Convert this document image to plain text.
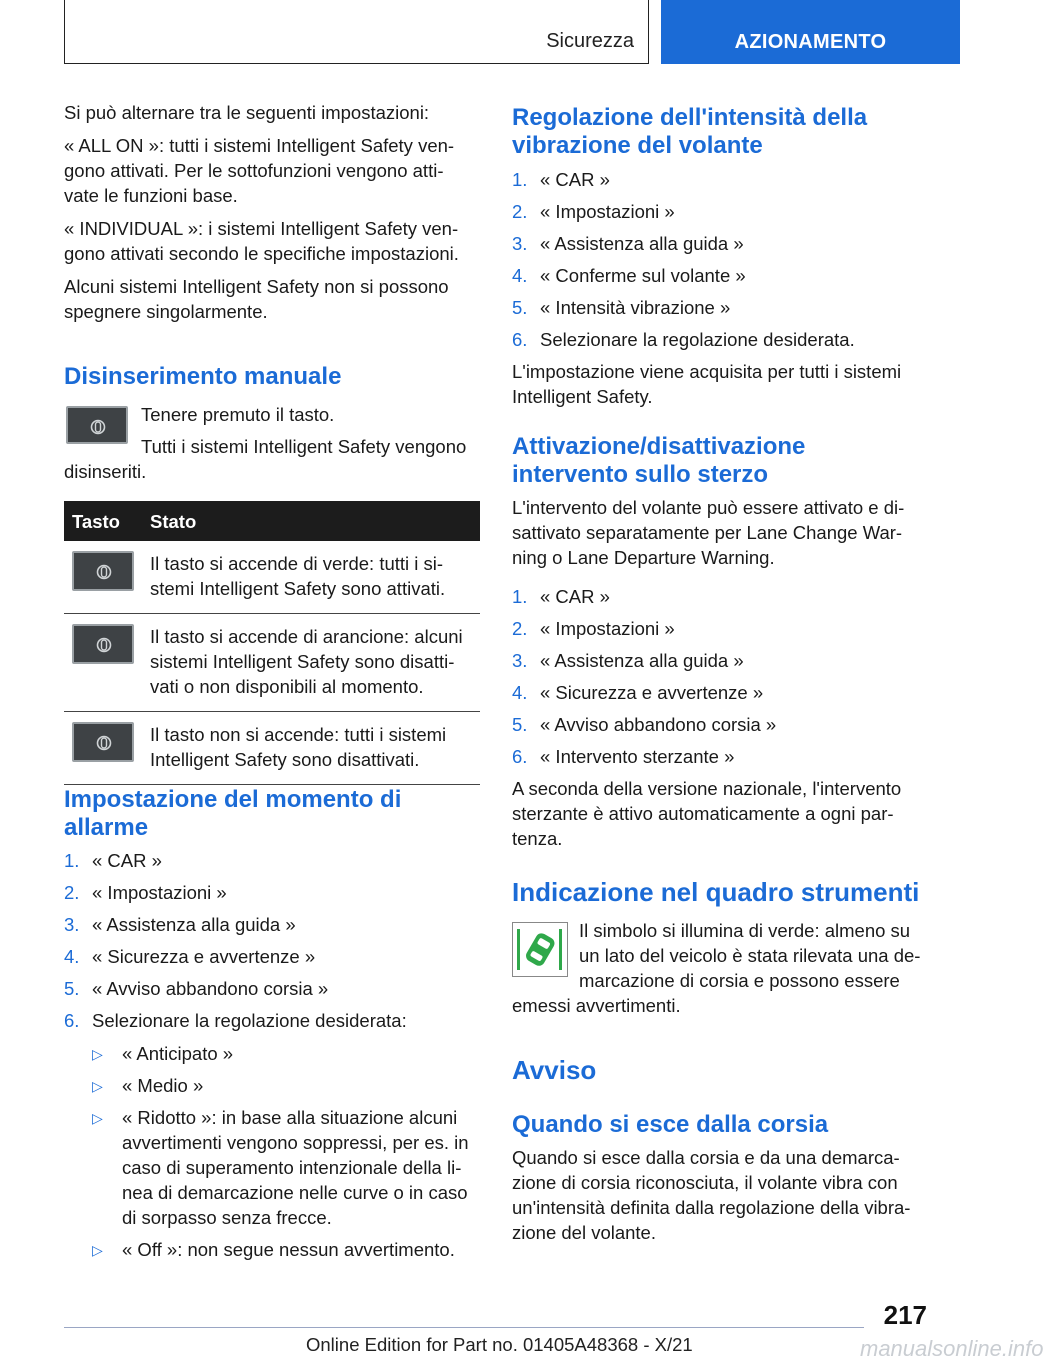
Sicurezza	AZIONAMENTO

Si può alternare tra le seguenti impostazioni:

« ALL ON »: tutti i sistemi Intelligent Safety ven‐
gono attivati. Per le sottofunzioni vengono atti‐
vate le funzioni base.

« INDIVIDUAL »: i sistemi Intelligent Safety ven‐
gono attivati secondo le specifiche impostazioni.

Alcuni sistemi Intelligent Safety non si possono
spegnere singolarmente.

Disinserimento manuale
Tenere premuto il tasto.
Tutti i sistemi Intelligent Safety vengono
disinseriti.
Tasto	Stato

	Il tasto si accende di verde: tutti i si‐
stemi Intelligent Safety sono attivati.

	Il tasto si accende di arancione: alcuni
sistemi Intelligent Safety sono disatti‐
vati o non disponibili al momento.

	Il tasto non si accende: tutti i sistemi
Intelligent Safety sono disattivati.
Impostazione del momento di
allarme
1. « CAR »
2. « Impostazioni »
3. « Assistenza alla guida »
4. « Sicurezza e avvertenze »
5. « Avviso abbandono corsia »
6. Selezionare la regolazione desiderata:
▷ « Anticipato »
▷ « Medio »
▷ « Ridotto »: in base alla situazione alcuni
avvertimenti vengono soppressi, per es. in
caso di superamento intenzionale della li‐
nea di demarcazione nelle curve o in caso
di sorpasso senza frecce.
▷ « Off »: non segue nessun avvertimento.
Regolazione dell'intensità della
vibrazione del volante
1. « CAR »
2. « Impostazioni »
3. « Assistenza alla guida »
4. « Conferme sul volante »
5. « Intensità vibrazione »
6. Selezionare la regolazione desiderata.

L'impostazione viene acquisita per tutti i sistemi
Intelligent Safety.

Attivazione/disattivazione
intervento sullo sterzo

L'intervento del volante può essere attivato e di‐
sattivato separatamente per Lane Change War‐
ning o Lane Departure Warning.

1. « CAR »
2. « Impostazioni »
3. « Assistenza alla guida »
4. « Sicurezza e avvertenze »
5. « Avviso abbandono corsia »
6. « Intervento sterzante »

A seconda della versione nazionale, l'intervento
sterzante è attivo automaticamente a ogni par‐
tenza.

Indicazione nel quadro strumenti
Il simbolo si illumina di verde: almeno su
un lato del veicolo è stata rilevata una de‐
marcazione di corsia e possono essere
emessi avvertimenti.
Avviso
Quando si esce dalla corsia
Quando si esce dalla corsia e da una demarca‐
zione di corsia riconosciuta, il volante vibra con
un'intensità definita dalla regolazione della vibra‐
zione del volante.
217
Online Edition for Part no. 01405A48368 - X/21	manualsonline.info
